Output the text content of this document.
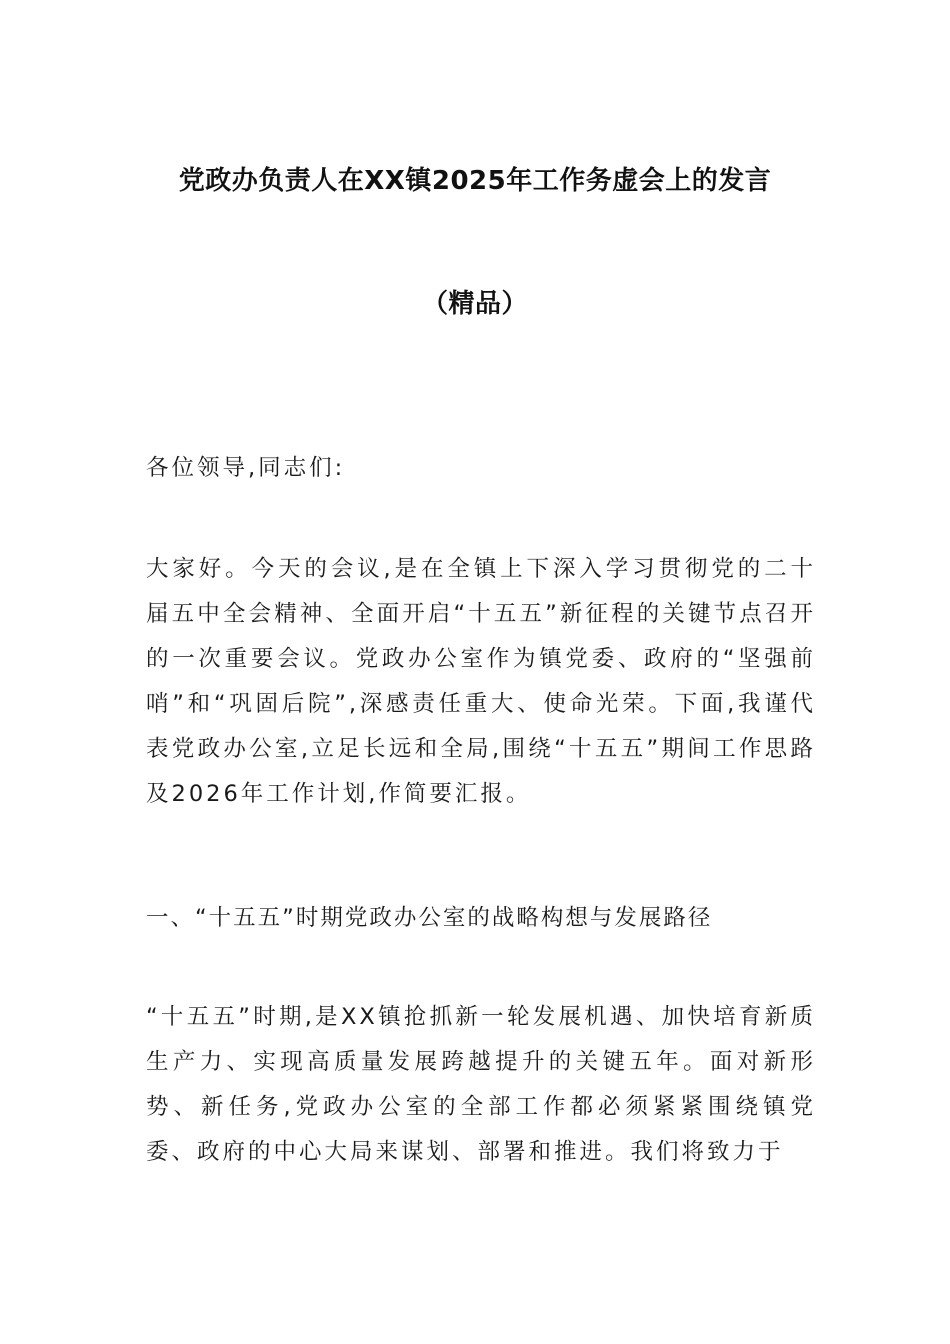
党政办负责人在XX镇2025年工作务虚会上的发言
（精品）
各位领导,同志们:
大家好。今天的会议,是在全镇上下深入学习贯彻党的二十届五中全会精神、全面开启“十五五”新征程的关键节点召开的一次重要会议。党政办公室作为镇党委、政府的“坚强前哨”和“巩固后院”,深感责任重大、使命光荣。下面,我谨代表党政办公室,立足长远和全局,围绕“十五五”期间工作思路及2026年工作计划,作简要汇报。
一、“十五五”时期党政办公室的战略构想与发展路径
“十五五”时期,是XX镇抢抓新一轮发展机遇、加快培育新质生产力、实现高质量发展跨越提升的关键五年。面对新形势、新任务,党政办公室的全部工作都必须紧紧围绕镇党委、政府的中心大局来谋划、部署和推进。我们将致力于
